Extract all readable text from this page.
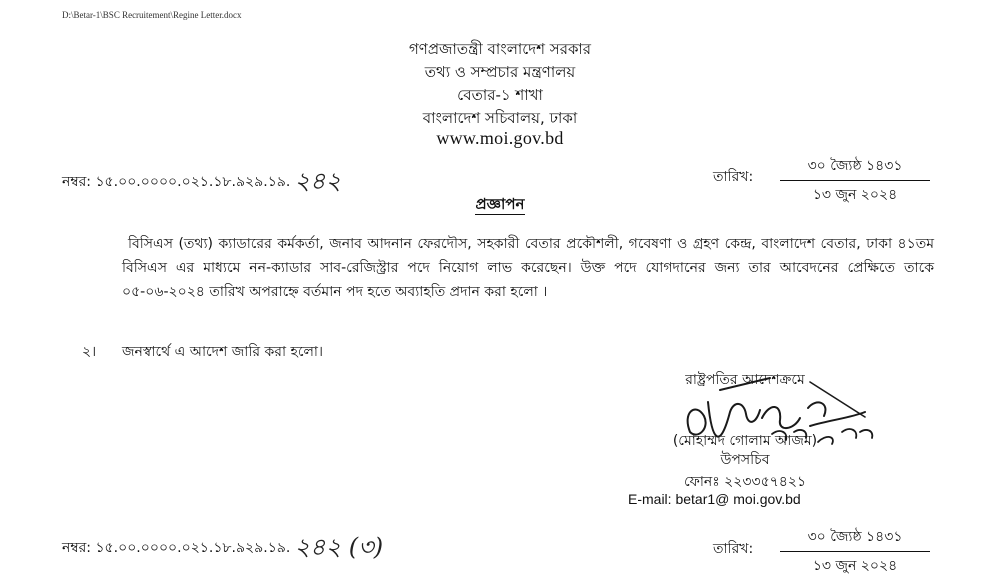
D:\Betar-1\BSC Recruitement\Regine Letter.docx
গণপ্রজাতন্ত্রী বাংলাদেশ সরকার
তথ্য ও সম্প্রচার মন্ত্রণালয়
বেতার-১ শাখা
বাংলাদেশ সচিবালয়, ঢাকা
www.moi.gov.bd
নম্বর: ১৫.০০.০০০০.০২১.১৮.৯২৯.১৯. ২৪২	তারিখ:
৩০ জ্যৈষ্ঠ ১৪৩১
১৩ জুন ২০২৪
প্রজ্ঞাপন
বিসিএস (তথ্য) ক্যাডারের কর্মকর্তা, জনাব আদনান ফেরদৌস, সহকারী বেতার প্রকৌশলী, গবেষণা ও গ্রহণ কেন্দ্র, বাংলাদেশ বেতার, ঢাকা ৪১তম বিসিএস এর মাধ্যমে নন-ক্যাডার সাব-রেজিস্ট্রার পদে নিয়োগ লাভ করেছেন। উক্ত পদে যোগদানের জন্য তার আবেদনের প্রেক্ষিতে তাকে ০৫-০৬-২০২৪ তারিখ অপরাহ্নে বর্তমান পদ হতে অব্যাহতি প্রদান করা হলো ।
২। জনস্বার্থে এ আদেশ জারি করা হলো।
রাষ্ট্রপতির আদেশক্রমে
(মোহাম্মদ গোলাম আজম)
উপসচিব
ফোনঃ ২২৩৩৫৭৪২১
E-mail: betar1@ moi.gov.bd
নম্বর: ১৫.০০.০০০০.০২১.১৮.৯২৯.১৯. ২৪২ (৩)	তারিখ:
৩০ জ্যৈষ্ঠ ১৪৩১
১৩ জুন ২০২৪
